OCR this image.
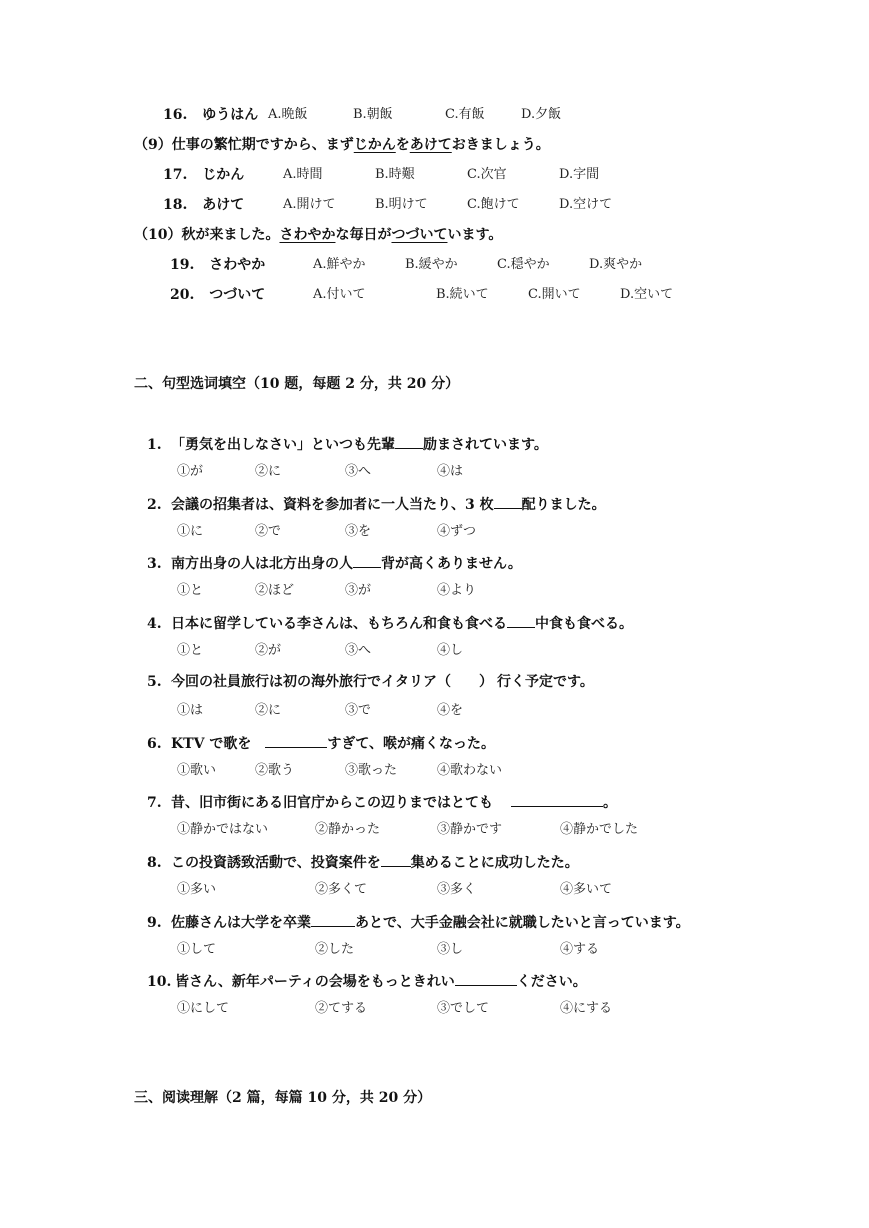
16. ゆうはん A.晩飯	B.朝飯	C.有飯	D.夕飯
（9）仕事の繁忙期ですから、まずじかんをあけておきましょう。
17. じかん	A.時間	B.時艱	C.次官	D.字間
18. あけて	A.開けて	B.明けて	C.飽けて	D.空けて
（10）秋が来ました。さわやかな毎日がつづいています。
19. さわやか	A.鮮やか	B.緩やか	C.穏やか	D.爽やか
20. つづいて	A.付いて	B.続いて	C.開いて	D.空いて
二、句型选词填空（10 题，每题 2 分，共 20 分）
1. 「勇気を出しなさい」といつも先輩 励まされています。
①が	②に	③へ	④は
2. 会議の招集者は、資料を参加者に一人当たり、3 枚 配りました。
①に	②で	③を	④ずつ
3. 南方出身の人は北方出身の人 背が高くありません。
①と	②ほど	③が	④より
4. 日本に留学している李さんは、もちろん和食も食べる 中食も食べる。
①と	②が	③へ	④し
5. 今回の社員旅行は初の海外旅行でイタリア（　　） 行く予定です。
①は	②に	③で	④を
6. KTV で歌を	すぎて、喉が痛くなった。
①歌い	②歌う	③歌った	④歌わない
7. 昔、旧市街にある旧官庁からこの辺りまではとても	。
①静かではない	②静かった	③静かです	④静かでした
8. この投資誘致活動で、投資案件を 集めることに成功したた。
①多い	②多くて	③多く	④多いて
9. 佐藤さんは大学を卒業	あとで、大手金融会社に就職したいと言っています。
①して	②した	③し	④する
10. 皆さん、新年パーティの会場をもっときれい	ください。
①にして	②てする	③でして	④にする
三、阅读理解（2 篇，每篇 10 分，共 20 分）
